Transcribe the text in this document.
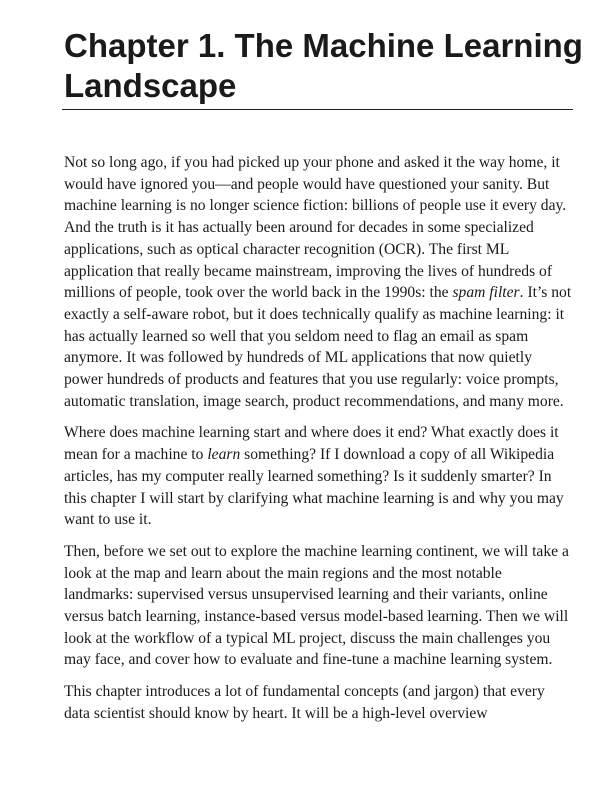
Chapter 1. The Machine Learning Landscape

Not so long ago, if you had picked up your phone and asked it the way home, it would have ignored you—and people would have questioned your sanity. But machine learning is no longer science fiction: billions of people use it every day. And the truth is it has actually been around for decades in some specialized applications, such as optical character recognition (OCR). The first ML application that really became mainstream, improving the lives of hundreds of millions of people, took over the world back in the 1990s: the spam filter. It’s not exactly a self-aware robot, but it does technically qualify as machine learning: it has actually learned so well that you seldom need to flag an email as spam anymore. It was followed by hundreds of ML applications that now quietly power hundreds of products and features that you use regularly: voice prompts, automatic translation, image search, product recommendations, and many more.

Where does machine learning start and where does it end? What exactly does it mean for a machine to learn something? If I download a copy of all Wikipedia articles, has my computer really learned something? Is it suddenly smarter? In this chapter I will start by clarifying what machine learning is and why you may want to use it.

Then, before we set out to explore the machine learning continent, we will take a look at the map and learn about the main regions and the most notable landmarks: supervised versus unsupervised learning and their variants, online versus batch learning, instance-based versus model-based learning. Then we will look at the workflow of a typical ML project, discuss the main challenges you may face, and cover how to evaluate and fine-tune a machine learning system.

This chapter introduces a lot of fundamental concepts (and jargon) that every data scientist should know by heart. It will be a high-level overview
